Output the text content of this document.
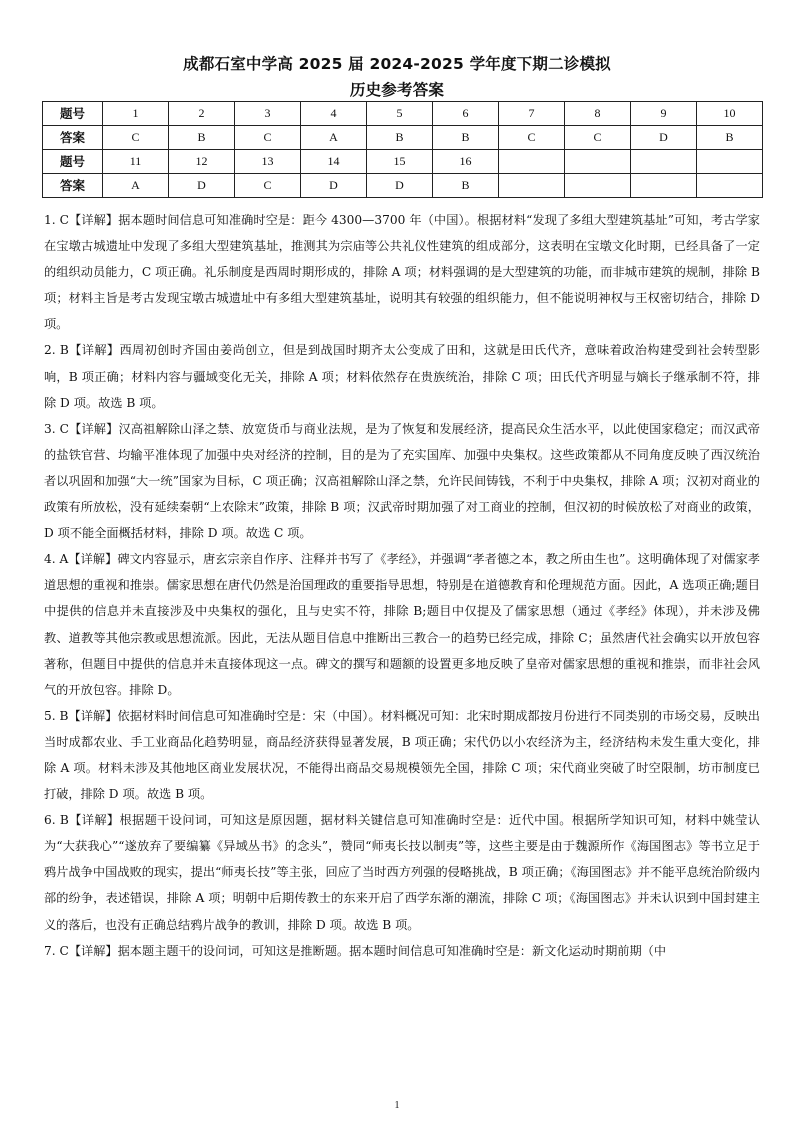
成都石室中学高 2025 届 2024-2025 学年度下期二诊模拟
历史参考答案
题号	1	2	3	4	5	6	7	8	9	10
答案	C	B	C	A	B	B	C	C	D	B
题号	11	12	13	14	15	16				
答案	A	D	C	D	D	B				

1. C【详解】据本题时间信息可知准确时空是：距今 4300—3700 年（中国）。根据材料“发现了多组大型建筑基址”可知，考古学家在宝墩古城遗址中发现了多组大型建筑基址，推测其为宗庙等公共礼仪性建筑的组成部分，这表明在宝墩文化时期，已经具备了一定的组织动员能力，C 项正确。礼乐制度是西周时期形成的，排除 A 项；材料强调的是大型建筑的功能，而非城市建筑的规制，排除 B 项；材料主旨是考古发现宝墩古城遗址中有多组大型建筑基址，说明其有较强的组织能力，但不能说明神权与王权密切结合，排除 D 项。

2. B【详解】西周初创时齐国由姜尚创立，但是到战国时期齐太公变成了田和，这就是田氏代齐，意味着政治构建受到社会转型影响，B 项正确；材料内容与疆域变化无关，排除 A 项；材料依然存在贵族统治，排除 C 项；田氏代齐明显与嫡长子继承制不符，排除 D 项。故选 B 项。

3. C【详解】汉高祖解除山泽之禁、放宽货币与商业法规，是为了恢复和发展经济，提高民众生活水平，以此使国家稳定；而汉武帝的盐铁官营、均输平准体现了加强中央对经济的控制，目的是为了充实国库、加强中央集权。这些政策都从不同角度反映了西汉统治者以巩固和加强“大一统”国家为目标，C 项正确；汉高祖解除山泽之禁，允许民间铸钱，不利于中央集权，排除 A 项；汉初对商业的政策有所放松，没有延续秦朝“上农除末”政策，排除 B 项；汉武帝时期加强了对工商业的控制，但汉初的时候放松了对商业的政策，D 项不能全面概括材料，排除 D 项。故选 C 项。

4. A【详解】碑文内容显示，唐玄宗亲自作序、注释并书写了《孝经》，并强调“孝者德之本，教之所由生也”。这明确体现了对儒家孝道思想的重视和推崇。儒家思想在唐代仍然是治国理政的重要指导思想，特别是在道德教育和伦理规范方面。因此，A 选项正确;题目中提供的信息并未直接涉及中央集权的强化，且与史实不符，排除 B;题目中仅提及了儒家思想（通过《孝经》体现），并未涉及佛教、道教等其他宗教或思想流派。因此，无法从题目信息中推断出三教合一的趋势已经完成，排除 C；虽然唐代社会确实以开放包容著称，但题目中提供的信息并未直接体现这一点。碑文的撰写和题额的设置更多地反映了皇帝对儒家思想的重视和推崇，而非社会风气的开放包容。排除 D。

5. B【详解】依据材料时间信息可知准确时空是：宋（中国）。材料概况可知：北宋时期成都按月份进行不同类别的市场交易，反映出当时成都农业、手工业商品化趋势明显，商品经济获得显著发展，B 项正确；宋代仍以小农经济为主，经济结构未发生重大变化，排除 A 项。材料未涉及其他地区商业发展状况，不能得出商品交易规模领先全国，排除 C 项；宋代商业突破了时空限制，坊市制度已打破，排除 D 项。故选 B 项。

6. B【详解】根据题干设问词，可知这是原因题，据材料关键信息可知准确时空是：近代中国。根据所学知识可知，材料中姚莹认为“大获我心”“遂放弃了要编纂《异域丛书》的念头”，赞同“师夷长技以制夷”等，这些主要是由于魏源所作《海国图志》等书立足于鸦片战争中国战败的现实，提出“师夷长技”等主张，回应了当时西方列强的侵略挑战，B 项正确；《海国图志》并不能平息统治阶级内部的纷争，表述错误，排除 A 项；明朝中后期传教士的东来开启了西学东渐的潮流，排除 C 项；《海国图志》并未认识到中国封建主义的落后，也没有正确总结鸦片战争的教训，排除 D 项。故选 B 项。

7. C【详解】据本题主题干的设问词，可知这是推断题。据本题时间信息可知准确时空是：新文化运动时期前期（中

1
